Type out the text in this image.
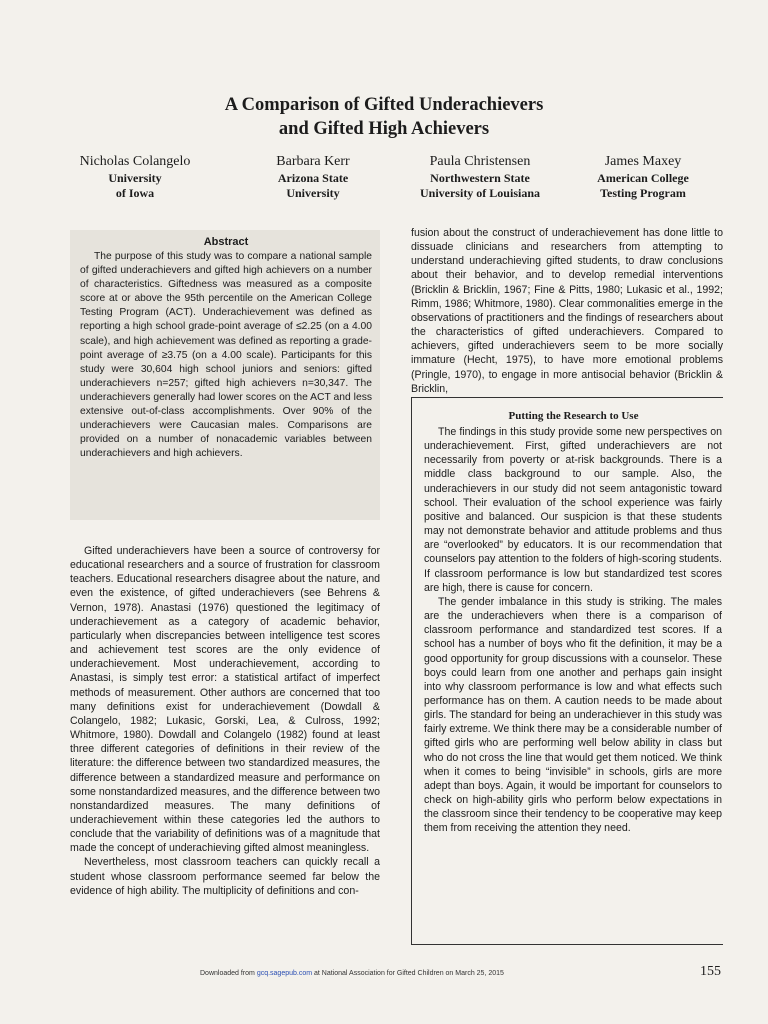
A Comparison of Gifted Underachievers
and Gifted High Achievers
Nicholas Colangelo
University
of Iowa
Barbara Kerr
Arizona State
University
Paula Christensen
Northwestern State
University of Louisiana
James Maxey
American College
Testing Program
Abstract

The purpose of this study was to compare a national sample of gifted underachievers and gifted high achievers on a number of characteristics. Giftedness was measured as a composite score at or above the 95th percentile on the American College Testing Program (ACT). Underachievement was defined as reporting a high school grade-point average of ≤2.25 (on a 4.00 scale), and high achievement was defined as reporting a grade-point average of ≥3.75 (on a 4.00 scale). Participants for this study were 30,604 high school juniors and seniors: gifted underachievers n=257; gifted high achievers n=30,347. The underachievers generally had lower scores on the ACT and less extensive out-of-class accomplishments. Over 90% of the underachievers were Caucasian males. Comparisons are provided on a number of nonacademic variables between underachievers and high achievers.

Gifted underachievers have been a source of controversy for educational researchers and a source of frustration for classroom teachers. Educational researchers disagree about the nature, and even the existence, of gifted underachievers (see Behrens & Vernon, 1978). Anastasi (1976) questioned the legitimacy of underachievement as a category of academic behavior, particularly when discrepancies between intelligence test scores and achievement test scores are the only evidence of underachievement. Most underachievement, according to Anastasi, is simply test error: a statistical artifact of imperfect methods of measurement. Other authors are concerned that too many definitions exist for underachievement (Dowdall & Colangelo, 1982; Lukasic, Gorski, Lea, & Culross, 1992; Whitmore, 1980). Dowdall and Colangelo (1982) found at least three different categories of definitions in their review of the literature: the difference between two standardized measures, the difference between a standardized measure and performance on some nonstandardized measures, and the difference between two nonstandardized measures. The many definitions of underachievement within these categories led the authors to conclude that the variability of definitions was of a magnitude that made the concept of underachieving gifted almost meaningless.

Nevertheless, most classroom teachers can quickly recall a student whose classroom performance seemed far below the evidence of high ability. The multiplicity of definitions and con-

fusion about the construct of underachievement has done little to dissuade clinicians and researchers from attempting to understand underachieving gifted students, to draw conclusions about their behavior, and to develop remedial interventions (Bricklin & Bricklin, 1967; Fine & Pitts, 1980; Lukasic et al., 1992; Rimm, 1986; Whitmore, 1980). Clear commonalities emerge in the observations of practitioners and the findings of researchers about the characteristics of gifted underachievers. Compared to achievers, gifted underachievers seem to be more socially immature (Hecht, 1975), to have more emotional problems (Pringle, 1970), to engage in more antisocial behavior (Bricklin & Bricklin,

Putting the Research to Use

The findings in this study provide some new perspectives on underachievement. First, gifted underachievers are not necessarily from poverty or at-risk backgrounds. There is a middle class background to our sample. Also, the underachievers in our study did not seem antagonistic toward school. Their evaluation of the school experience was fairly positive and balanced. Our suspicion is that these students may not demonstrate behavior and attitude problems and thus are “overlooked” by educators. It is our recommendation that counselors pay attention to the folders of high-scoring students. If classroom performance is low but standardized test scores are high, there is cause for concern.

The gender imbalance in this study is striking. The males are the underachievers when there is a comparison of classroom performance and standardized test scores. If a school has a number of boys who fit the definition, it may be a good opportunity for group discussions with a counselor. These boys could learn from one another and perhaps gain insight into why classroom performance is low and what effects such performance has on them. A caution needs to be made about girls. The standard for being an underachiever in this study was fairly extreme. We think there may be a considerable number of gifted girls who are performing well below ability in class but who do not cross the line that would get them noticed. We think when it comes to being “invisible” in schools, girls are more adept than boys. Again, it would be important for counselors to check on high-ability girls who perform below expectations in the classroom since their tendency to be cooperative may keep them from receiving the attention they need.

Downloaded from gcq.sagepub.com at National Association for Gifted Children on March 25, 2015	155
